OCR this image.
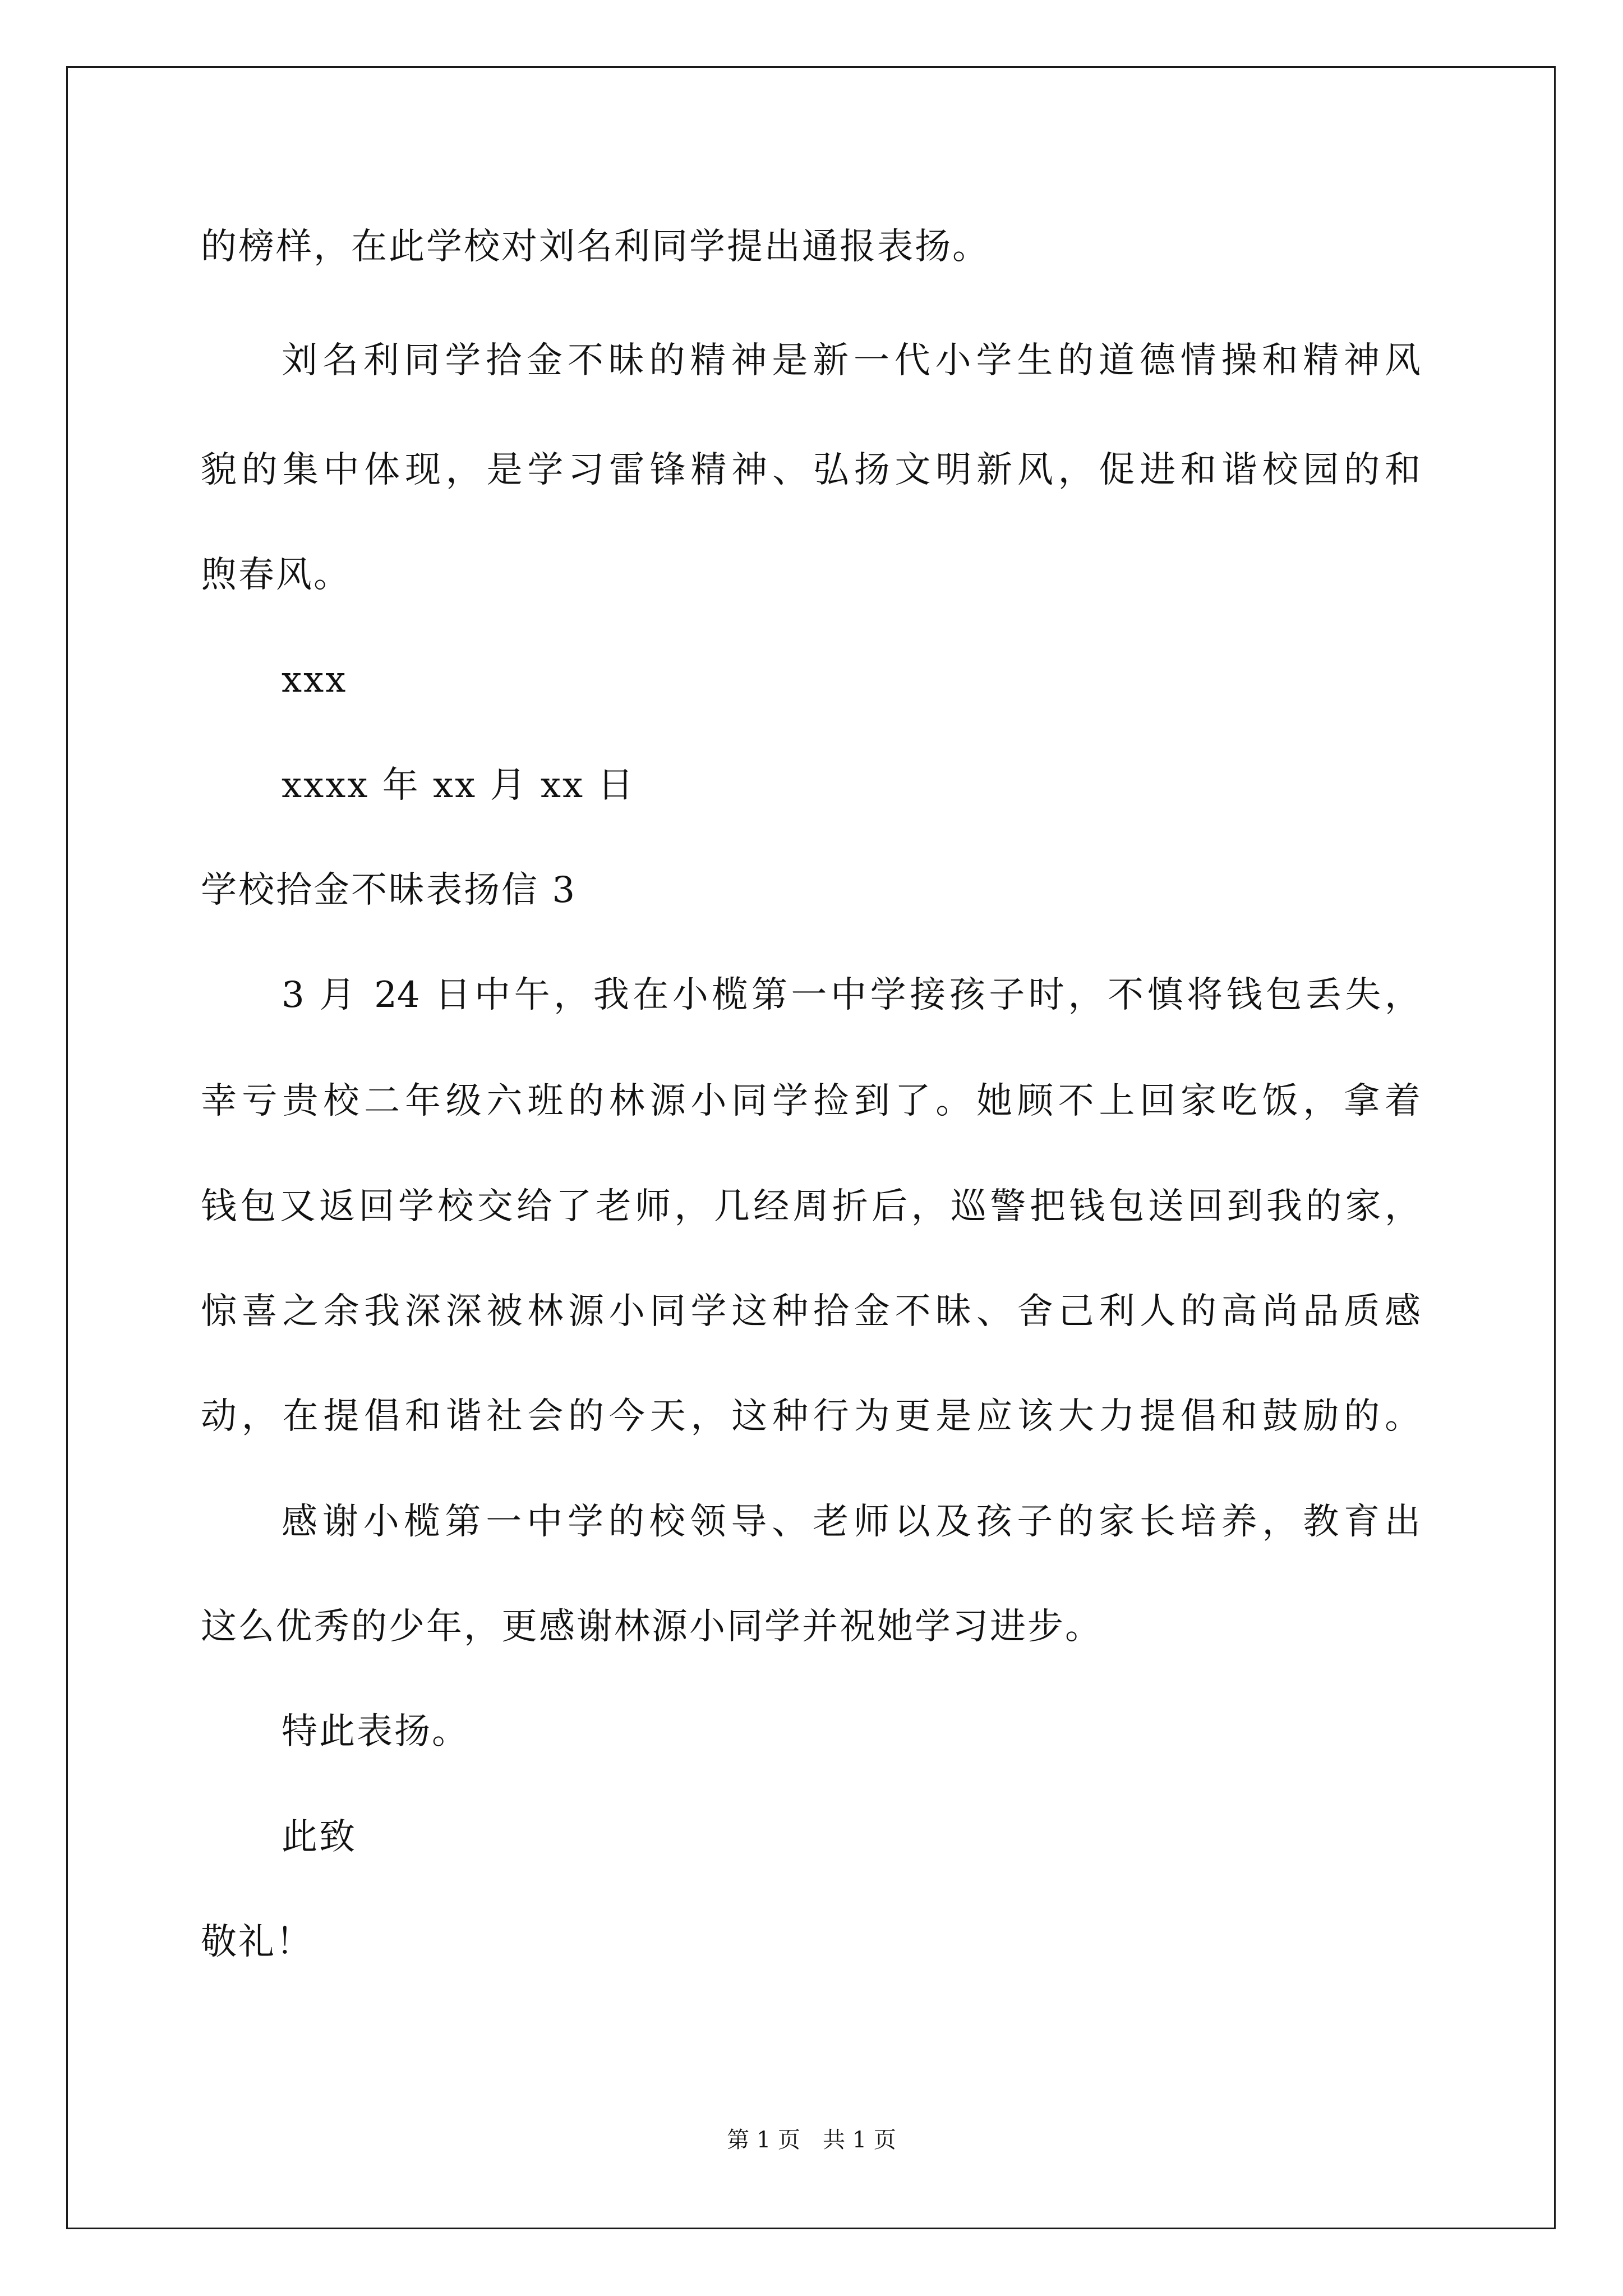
的榜样，在此学校对刘名利同学提出通报表扬。
刘名利同学拾金不昧的精神是新一代小学生的道德情操和精神风
貌的集中体现，是学习雷锋精神、弘扬文明新风，促进和谐校园的和
煦春风。
xxx
xxxx 年 xx 月 xx 日
学校拾金不昧表扬信 3
3 月 24 日中午，我在小榄第一中学接孩子时，不慎将钱包丢失，
幸亏贵校二年级六班的林源小同学捡到了。她顾不上回家吃饭，拿着
钱包又返回学校交给了老师，几经周折后，巡警把钱包送回到我的家，
惊喜之余我深深被林源小同学这种拾金不昧、舍己利人的高尚品质感
动，在提倡和谐社会的今天，这种行为更是应该大力提倡和鼓励的。
感谢小榄第一中学的校领导、老师以及孩子的家长培养，教育出
这么优秀的少年，更感谢林源小同学并祝她学习进步。
特此表扬。
此致
敬礼！
第 1 页　共 1 页
